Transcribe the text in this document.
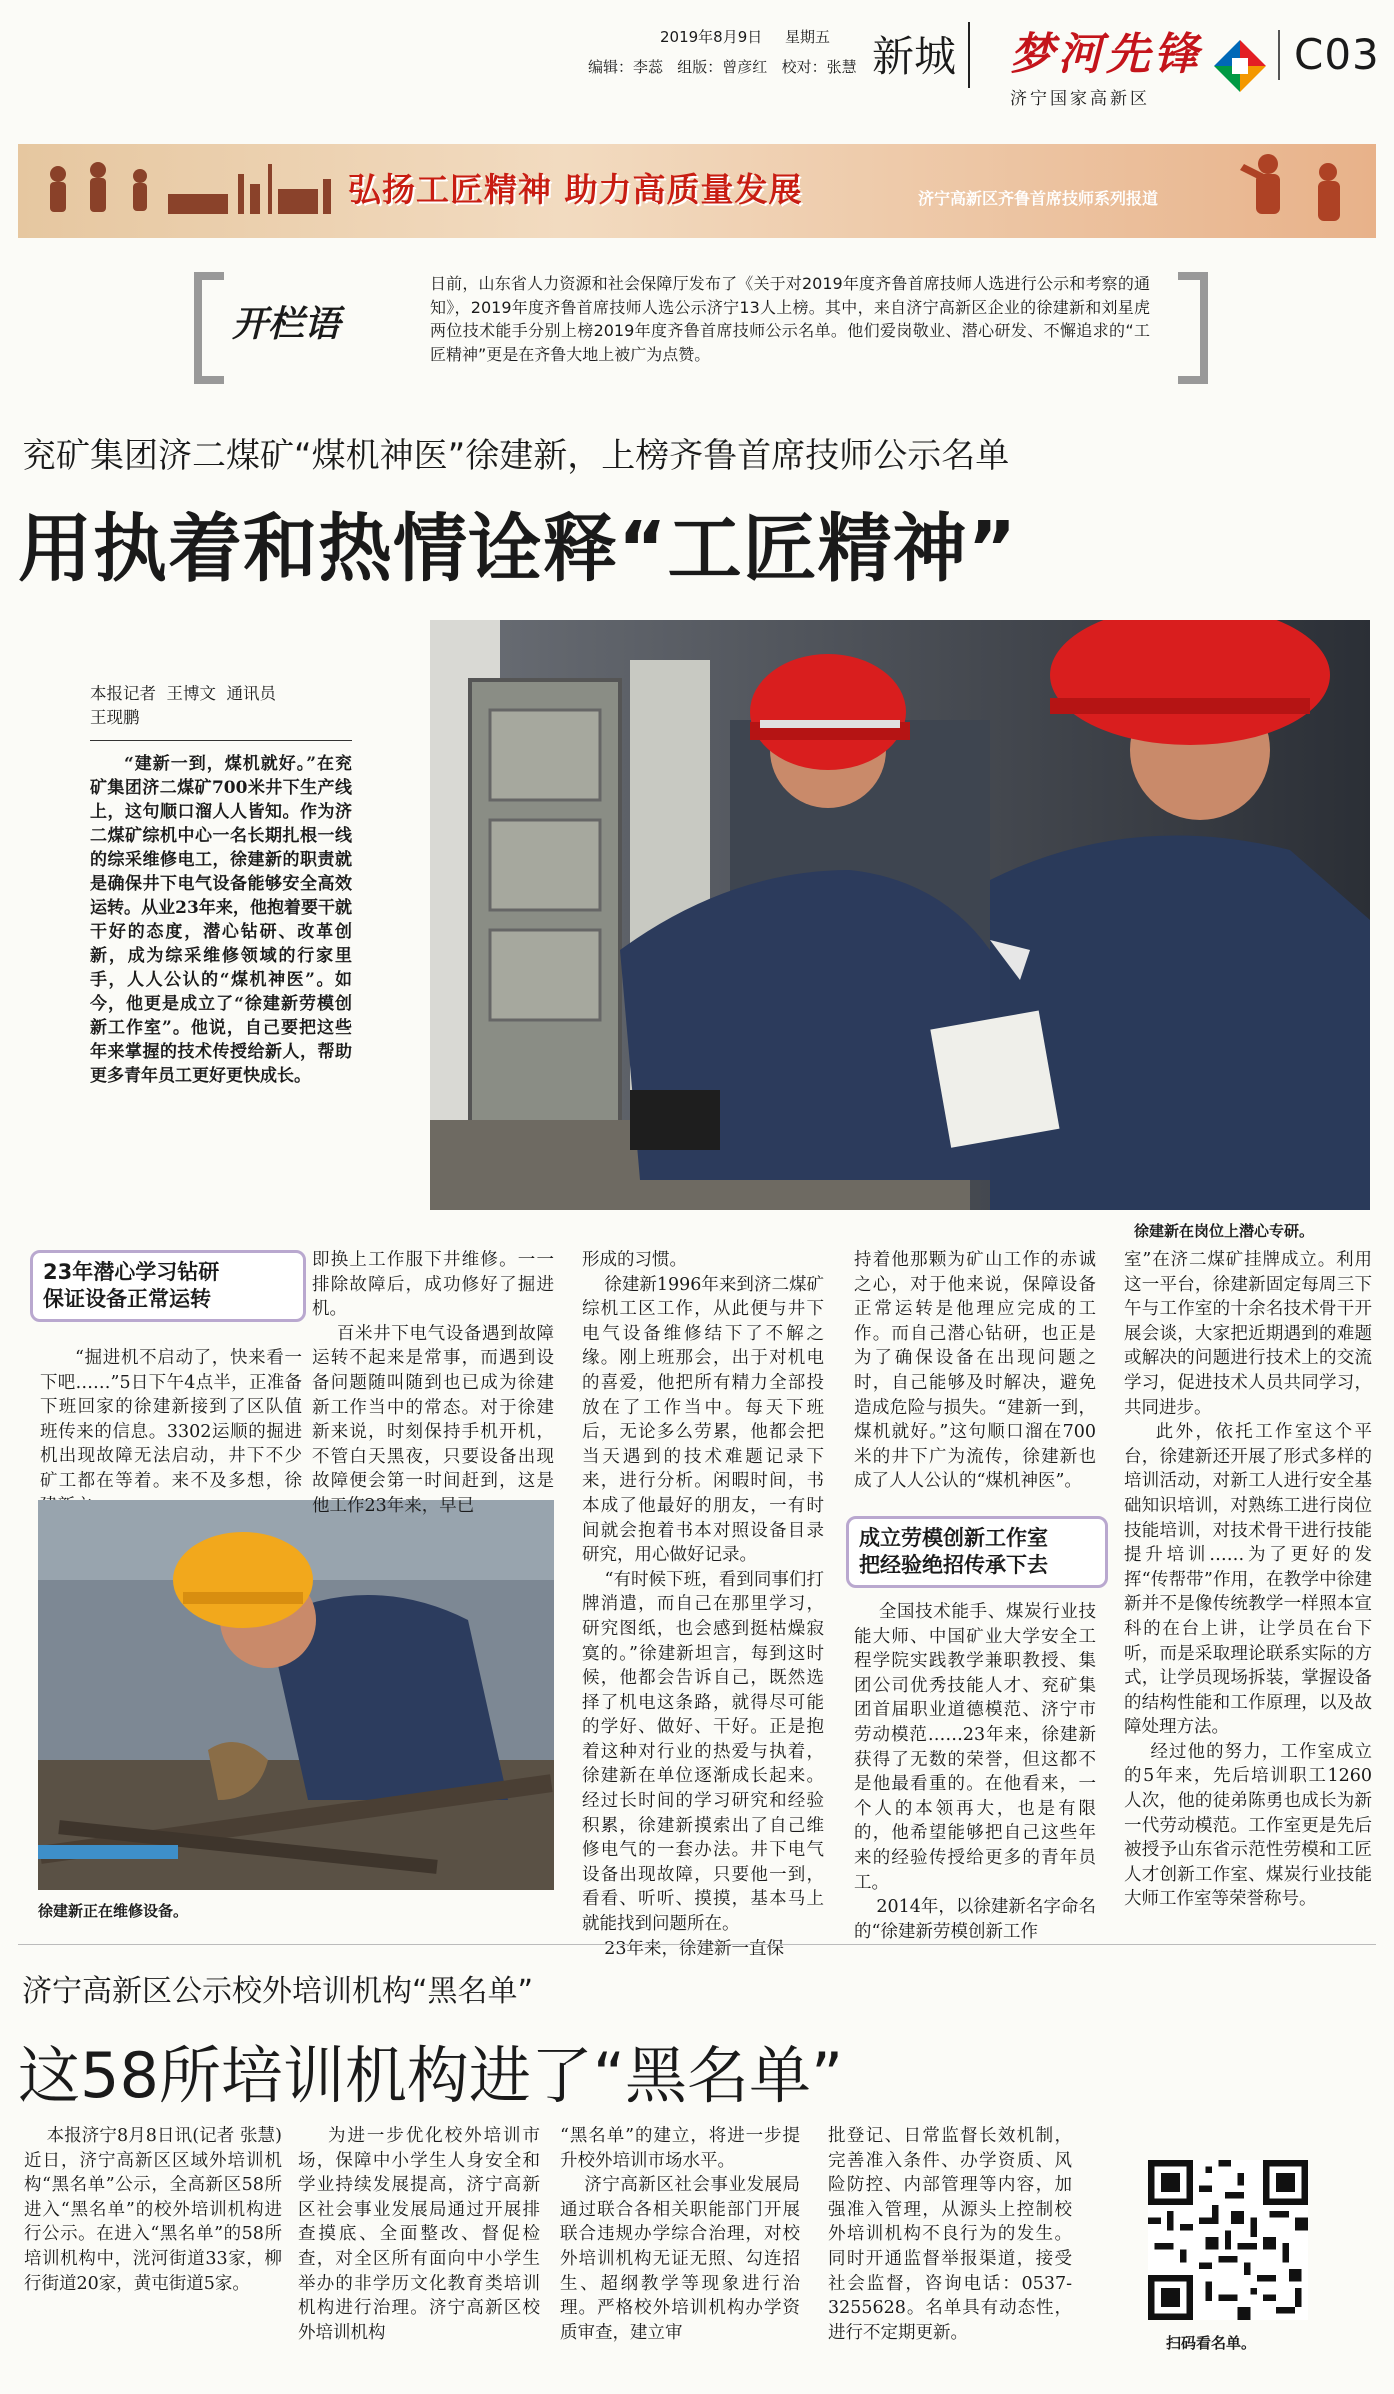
2019年8月9日 星期五
编辑：李蕊   组版：曾彦红   校对：张慧 新城 梦河先锋
济宁国家高新区
C03
弘扬工匠精神 助力高质量发展	济宁高新区齐鲁首席技师系列报道
开栏语
日前，山东省人力资源和社会保障厅发布了《关于对2019年度齐鲁首席技师人选进行公示和考察的通知》，2019年度齐鲁首席技师人选公示济宁13人上榜。其中，来自济宁高新区企业的徐建新和刘星虎两位技术能手分别上榜2019年度齐鲁首席技师公示名单。他们爱岗敬业、潜心研发、不懈追求的“工匠精神”更是在齐鲁大地上被广为点赞。
兖矿集团济二煤矿“煤机神医”徐建新，上榜齐鲁首席技师公示名单
用执着和热情诠释“工匠精神”
本报记者  王博文  通讯员
王现鹏
“建新一到，煤机就好。”在兖矿集团济二煤矿700米井下生产线上，这句顺口溜人人皆知。作为济二煤矿综机中心一名长期扎根一线的综采维修电工，徐建新的职责就是确保井下电气设备能够安全高效运转。从业23年来，他抱着要干就干好的态度，潜心钻研、改革创新，成为综采维修领域的行家里手，人人公认的“煤机神医”。如今，他更是成立了“徐建新劳模创新工作室”。他说，自己要把这些年来掌握的技术传授给新人，帮助更多青年员工更好更快成长。
徐建新在岗位上潜心专研。
23年潜心学习钻研
保证设备正常运转
“掘进机不启动了，快来看一下吧……”5日下午4点半，正准备下班回家的徐建新接到了区队值班传来的信息。3302运顺的掘进机出现故障无法启动，井下不少矿工都在等着。来不及多想，徐
徐建新正在维修设备。
即换上工作服下井维修。一一排除故障后，成功修好了掘进机。
百米井下电气设备遇到故障运转不起来是常事，而遇到设备问题随叫随到也已成为徐建新工作当中的常态。对于徐建新来说，时刻保持手机开机，不管白天黑夜，只要设备出现故障便会第一时间赶到，这是他工作23年来，早已
形成的习惯。
徐建新1996年来到济二煤矿综机工区工作，从此便与井下电气设备维修结下了不解之缘。刚上班那会，出于对机电的喜爱，他把所有精力全部投放在了工作当中。每天下班后，无论多么劳累，他都会把当天遇到的技术难题记录下来，进行分析。闲暇时间，书本成了他最好的朋友，一有时间就会抱着书本对照设备目录研究，用心做好记录。
“有时候下班，看到同事们打牌消遣，而自己在那里学习，研究图纸，也会感到挺枯燥寂寞的。”徐建新坦言，每到这时候，他都会告诉自己，既然选择了机电这条路，就得尽可能的学好、做好、干好。正是抱着这种对行业的热爱与执着，徐建新在单位逐渐成长起来。经过长时间的学习研究和经验积累，徐建新摸索出了自己维修电气的一套办法。井下电气设备出现故障，只要他一到，看看、听听、摸摸，基本马上就能找到问题所在。
23年来，徐建新一直保
持着他那颗为矿山工作的赤诚之心，对于他来说，保障设备正常运转是他理应完成的工作。而自己潜心钻研，也正是为了确保设备在出现问题之时，自己能够及时解决，避免造成危险与损失。“建新一到，煤机就好。”这句顺口溜在700米的井下广为流传，徐建新也成了人人公认的“煤机神医”。
成立劳模创新工作室
把经验绝招传承下去
全国技术能手、煤炭行业技能大师、中国矿业大学安全工程学院实践教学兼职教授、集团公司优秀技能人才、兖矿集团首届职业道德模范、济宁市劳动模范……23年来，徐建新获得了无数的荣誉，但这都不是他最看重的。在他看来，一个人的本领再大，也是有限的，他希望能够把自己这些年来的经验传授给更多的青年员工。
2014年，以徐建新名字命名的“徐建新劳模创新工作
室”在济二煤矿挂牌成立。利用这一平台，徐建新固定每周三下午与工作室的十余名技术骨干开展会谈，大家把近期遇到的难题或解决的问题进行技术上的交流学习，促进技术人员共同学习，共同进步。
此外，依托工作室这个平台，徐建新还开展了形式多样的培训活动，对新工人进行安全基础知识培训，对熟练工进行岗位技能培训，对技术骨干进行技能提升培训……为了更好的发挥“传帮带”作用，在教学中徐建新并不是像传统教学一样照本宣科的在台上讲，让学员在台下听，而是采取理论联系实际的方式，让学员现场拆装，掌握设备的结构性能和工作原理，以及故障处理方法。
经过他的努力，工作室成立的5年来，先后培训职工1260人次，他的徒弟陈勇也成长为新一代劳动模范。工作室更是先后被授予山东省示范性劳模和工匠人才创新工作室、煤炭行业技能大师工作室等荣誉称号。
济宁高新区公示校外培训机构“黑名单”
这58所培训机构进了“黑名单”
本报济宁8月8日讯(记者 张慧)  近日，济宁高新区区域外培训机构“黑名单”公示，全高新区58所进入“黑名单”的校外培训机构进行公示。在进入“黑名单”的58所培训机构中，洸河街道33家，柳行街道20家，黄屯街道5家。
为进一步优化校外培训市场，保障中小学生人身安全和学业持续发展提高，济宁高新区社会事业发展局通过开展排查摸底、全面整改、督促检查，对全区所有面向中小学生举办的非学历文化教育类培训机构进行治理。济宁高新区校外培训机构
“黑名单”的建立，将进一步提升校外培训市场水平。
济宁高新区社会事业发展局通过联合各相关职能部门开展联合违规办学综合治理，对校外培训机构无证无照、勾连招生、超纲教学等现象进行治理。严格校外培训机构办学资质审查，建立审
批登记、日常监督长效机制，完善准入条件、办学资质、风险防控、内部管理等内容，加强准入管理，从源头上控制校外培训机构不良行为的发生。同时开通监督举报渠道，接受社会监督，咨询电话：0537-3255628。名单具有动态性，进行不定期更新。
扫码看名单。
